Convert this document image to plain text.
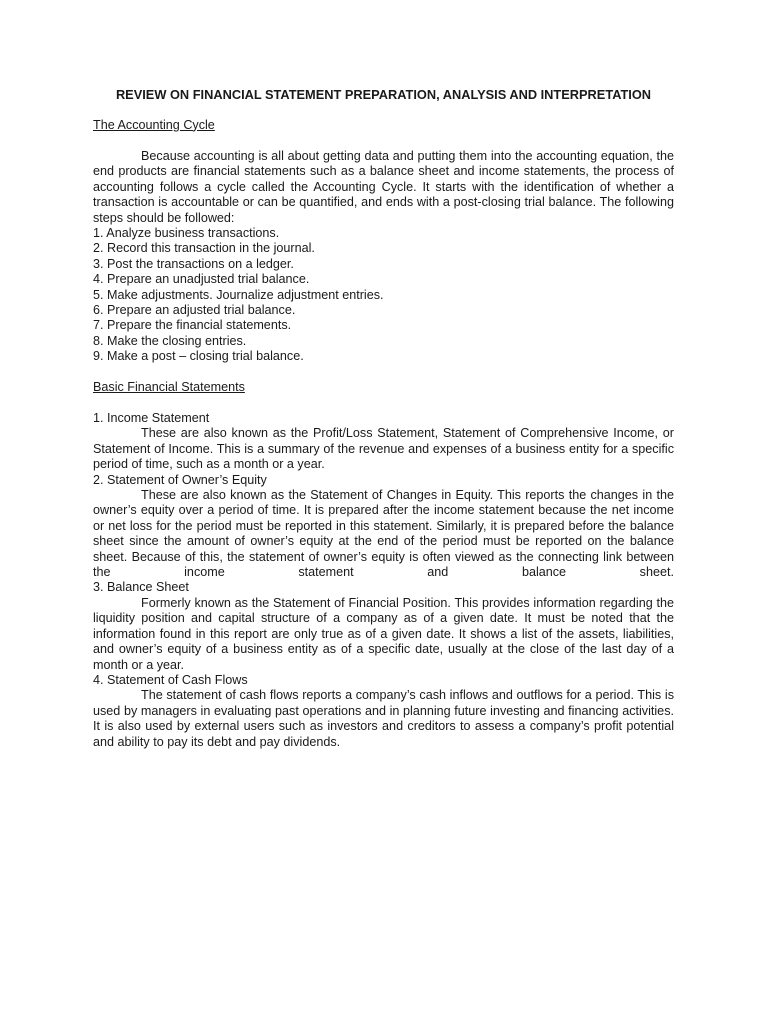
REVIEW ON FINANCIAL STATEMENT PREPARATION, ANALYSIS AND INTERPRETATION
The Accounting Cycle

Because accounting is all about getting data and putting them into the accounting equation, the end products are financial statements such as a balance sheet and income statements, the process of accounting follows a cycle called the Accounting Cycle. It starts with the identification of whether a transaction is accountable or can be quantified, and ends with a post-closing trial balance. The following steps should be followed:

1. Analyze business transactions.
2. Record this transaction in the journal.
3. Post the transactions on a ledger.
4. Prepare an unadjusted trial balance.
5. Make adjustments. Journalize adjustment entries.
6. Prepare an adjusted trial balance.
7. Prepare the financial statements.
8. Make the closing entries.
9. Make a post – closing trial balance.
Basic Financial Statements
1. Income Statement

These are also known as the Profit/Loss Statement, Statement of Comprehensive Income, or Statement of Income. This is a summary of the revenue and expenses of a business entity for a specific period of time, such as a month or a year.

2. Statement of Owner’s Equity

These are also known as the Statement of Changes in Equity. This reports the changes in the owner’s equity over a period of time. It is prepared after the income statement because the net income or net loss for the period must be reported in this statement. Similarly, it is prepared before the balance sheet since the amount of owner’s equity at the end of the period must be reported on the balance sheet. Because of this, the statement of owner’s equity is often viewed as the connecting link between the income statement and balance sheet.

3. Balance Sheet

Formerly known as the Statement of Financial Position. This provides information regarding the liquidity position and capital structure of a company as of a given date. It must be noted that the information found in this report are only true as of a given date. It shows a list of the assets, liabilities, and owner’s equity of a business entity as of a specific date, usually at the close of the last day of a month or a year.

4. Statement of Cash Flows

The statement of cash flows reports a company’s cash inflows and outflows for a period. This is used by managers in evaluating past operations and in planning future investing and financing activities. It is also used by external users such as investors and creditors to assess a company’s profit potential and ability to pay its debt and pay dividends.
